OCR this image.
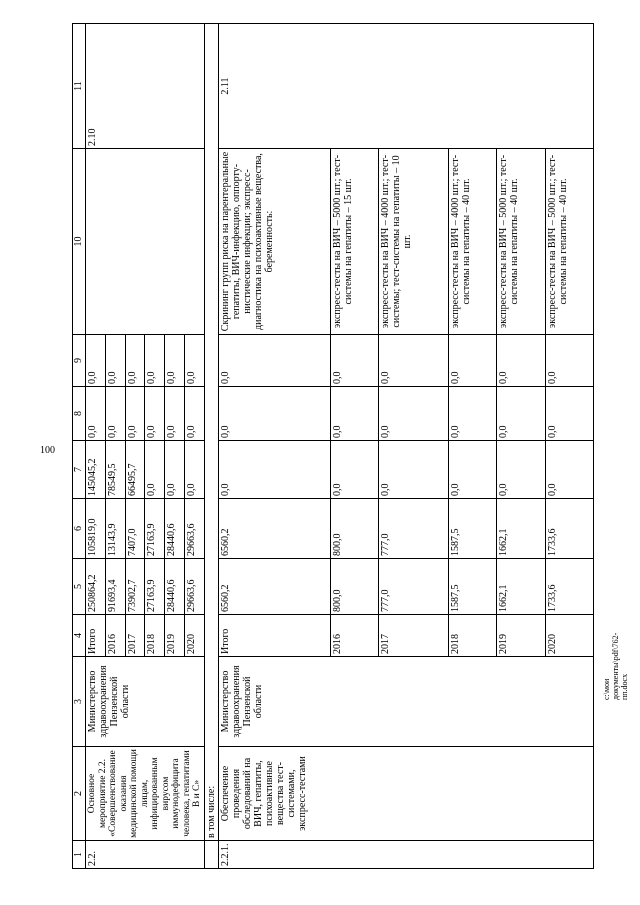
100
1	2	3	4	5	6	7	8	9	10	11
2.2.	Основное мероприятие 2.2. «Совершенствование оказания медицинской помощи лицам, инфицированным вирусом иммунодефицита человека, гепатитами В и С»	Министерство здравоохранения Пензенской области	Итого	250864,2	105819,0	145045,2	0,0	0,0		2.10
			2016	91693,4	13143,9	78549,5	0,0	0,0		
			2017	73902,7	7407,0	66495,7	0,0	0,0		
			2018	27163,9	27163,9	0,0	0,0	0,0		
			2019	28440,6	28440,6	0,0	0,0	0,0		
			2020	29663,6	29663,6	0,0	0,0	0,0		
	в том числе:									
2.2.1.	Обеспечение проведения обследований на ВИЧ, гепатиты, психоактивные вещества тест-системами, экспресс-тестами	Министерство здравоохранения Пензенской области	Итого	6560,2	6560,2	0,0	0,0	0,0	Скрининг групп риска на парентеральные гепатиты, ВИЧ-инфекцию, оппорту-нистические инфекции; экспресс-диагностика на психоактивные вещества, беременность:	2.11
			2016	800,0	800,0	0,0	0,0	0,0	экспресс-тесты на ВИЧ – 5000 шт.; тест-системы на гепатиты – 15 шт.	
			2017	777,0	777,0	0,0	0,0	0,0	экспресс-тесты на ВИЧ – 4000 шт.; тест-системы; тест-системы на гепатиты – 10 шт.	
			2018	1587,5	1587,5	0,0	0,0	0,0	экспресс-тесты на ВИЧ – 4000 шт.; тест-системы на гепатиты – 40 шт.	
			2019	1662,1	1662,1	0,0	0,0	0,0	экспресс-тесты на ВИЧ – 5000 шт.; тест-системы на гепатиты – 40 шт.	
			2020	1733,6	1733,6	0,0	0,0	0,0	экспресс-тесты на ВИЧ – 5000 шт.; тест-системы на гепатиты – 40 шт.	
c:\мои документы\pdf\762-пп.docx
